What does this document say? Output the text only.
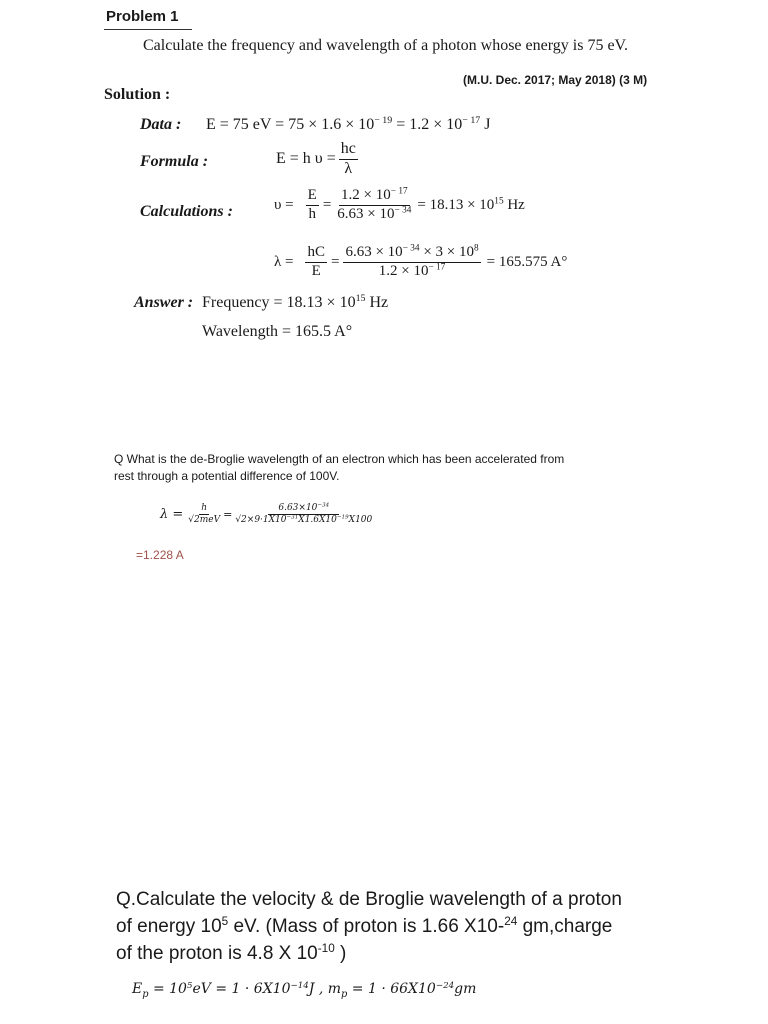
Problem 1
Calculate the frequency and wavelength of a photon whose energy is 75 eV.
(M.U. Dec. 2017; May 2018) (3 M)
Solution :
Data : E = 75 eV = $75 \times 1.6 \times 10^{- 19} = 1.2 \times 10^{- 17}$ J
Formula :	E = h $\upsilon = \frac{hc}{\lambda}$
Calculations :	$\upsilon = \frac{E}{h} = \frac{1.2 \times 10^{- 17}}{6.63 \times 10^{- 34}} = 18.13 \times 10^{15}$ Hz
$\lambda = \frac{hC}{E} = \frac{6.63 \times 10^{- 34} \times 3 \times 10^8}{1.2 \times 10^{- 17}} = 165.575$ A°
Answer : Frequency = $18.13 \times 10^{15}$ Hz
Wavelength = 165.5 A°
Q What is the de-Broglie wavelength of an electron which has been accelerated from
rest through a potential difference of 100V.
$\lambda = \frac{h}{\text{√2meV}} = \frac{6.63\times 10^{-34}}{√2\times 9\cdot 1X10^{-31}X1.6X10^{-19}X100}$
=1.228 A
Q.Calculate the velocity & de Broglie wavelength of a proton
of energy $10^5$ eV. (Mass of proton is 1.66 X10-$^{24}$ gm,charge
of the proton is 4.8 X $10^{-10}$ )
$E_p = 10^5eV = 1 \cdot 6X10^{-14}J$ , $m_p = 1 \cdot 66X10^{-24}gm$
